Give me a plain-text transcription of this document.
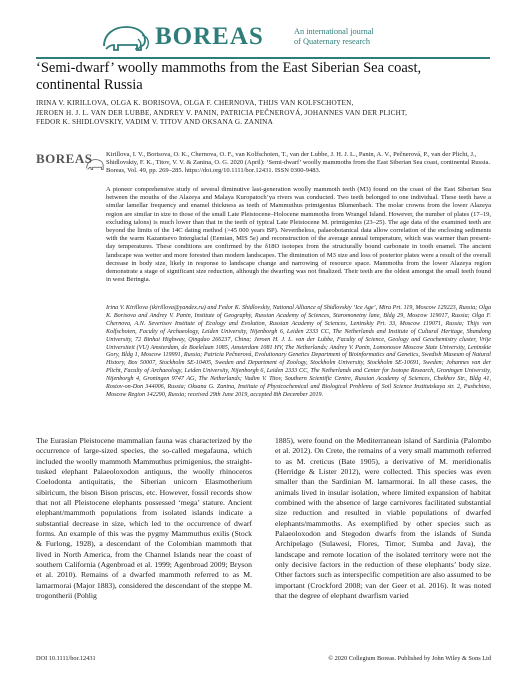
BOREAS	An international journal
of Quaternary research
‘Semi-dwarf’ woolly mammoths from the East Siberian Sea coast,
continental Russia
IRINA V. KIRILLOVA, OLGA K. BORISOVA, OLGA F. CHERNOVA, THIJS VAN KOLFSCHOTEN,
JEROEN H. J. L. VAN DER LUBBE, ANDREY V. PANIN, PATRICIA PEČNEROVÁ, JOHANNES VAN DER PLICHT,
FEDOR K. SHIDLOVSKIY, VADIM V. TITOV AND OKSANA G. ZANINA
BOREAS Kirillova, I. V., Borisova, O. K., Chernova, O. F., van Kolfschoten, T., van der Lubbe, J. H. J. L., Panin, A. V., Pečnerová, P., van der Plicht, J., Shidlovskiy, F. K., Titov, V. V. & Zanina, O. G. 2020 (April): ‘Semi-dwarf’ woolly mammoths from the East Siberian Sea coast, continental Russia. Boreas, Vol. 49, pp. 269–285. https://doi.org/10.1111/bor.12431. ISSN 0300-9483.

A pioneer comprehensive study of several diminutive last-generation woolly mammoth teeth (M3) found on the coast of the East Siberian Sea between the mouths of the Alazeya and Malaya Kuropatoch’ya rivers was conducted. Two teeth belonged to one individual. These teeth have a similar lamellar frequency and enamel thickness as teeth of Mammuthus primigenius Blumenbach. The molar crowns from the lower Alazeya region are similar in size to those of the small Late Pleistocene–Holocene mammoths from Wrangel Island. However, the number of plates (17–19, excluding talons) is much lower than that in the teeth of typical Late Pleistocene M. primigenius (23–25). The age data of the examined teeth are beyond the limits of the 14C dating method (>45 000 years BP). Nevertheless, palaeobotanical data allow correlation of the enclosing sediments with the warm Kazantsevo Interglacial (Eemian, MIS 5e) and reconstruction of the average annual temperature, which was warmer than present-day temperatures. These conditions are confirmed by the δ18O isotopes from the structurally bound carbonate in tooth enamel. The ancient landscape was wetter and more forested than modern landscapes. The diminution of M3 size and loss of posterior plates were a result of the overall decrease in body size, likely in response to landscape change and narrowing of resource space. Mammoths from the lower Alazeya region demonstrate a stage of significant size reduction, although the dwarfing was not finalized. Their teeth are the oldest amongst the small teeth found in west Beringia.

Irina V. Kirillova (ikirillova@yandex.ru) and Fedor K. Shidlovskiy, National Alliance of Shidlovskiy ‘Ice Age’, Mira Prt. 119, Moscow 129223, Russia; Olga K. Borisova and Andrey V. Panin, Institute of Geography, Russian Academy of Sciences, Staromonetny lane, Bldg 29, Moscow 119017, Russia; Olga F. Chernova, A.N. Severtsov Institute of Ecology and Evolution, Russian Academy of Sciences, Leninskiy Prt. 33, Moscow 119071, Russia; Thijs van Kolfschoten, Faculty of Archaeology, Leiden University, Nijenborgh 6, Leiden 2333 CC, The Netherlands and Institute of Cultural Heritage, Shandong University, 72 Binhai Highway, Qingdao 266237, China; Jeroen H. J. L. van der Lubbe, Faculty of Science, Geology and Geochemistry cluster, Vrije Universiteit (VU) Amsterdam, de Boelelaan 1085, Amsterdam 1081 HV, The Netherlands; Andrey V. Panin, Lomonosov Moscow State University, Leninskie Gory, Bldg 1, Moscow 119991, Russia; Patricia Pečnerová, Evolutionary Genetics Department of Bioinformatics and Genetics, Swedish Museum of Natural History, Box 50007, Stockholm SE-10405, Sweden and Department of Zoology, Stockholm University, Stockholm SE-10691, Sweden; Johannes van der Plicht, Faculty of Archaeology, Leiden University, Nijenborgh 6, Leiden 2333 CC, The Netherlands and Center for Isotope Research, Groningen University, Nijenborgh 4, Groningen 9747 AG, The Netherlands; Vadim V. Titov, Southern Scientific Centre, Russian Academy of Sciences, Chekhov Str., Bldg 41, Rostov-on-Don 344006, Russia; Oksana G. Zanina, Institute of Physicochemical and Biological Problems of Soil Science Institutskaya str. 2, Pushchino, Moscow Region 142290, Russia; received 29th June 2019, accepted 8th December 2019.

The Eurasian Pleistocene mammalian fauna was characterized by the occurrence of large-sized species, the so-called megafauna, which included the woolly mammoth Mammuthus primigenius, the straight-tusked elephant Palaeoloxodon antiquus, the woolly rhinoceros Coelodonta antiquitatis, the Siberian unicorn Elasmotherium sibiricum, the bison Bison priscus, etc. However, fossil records show that not all Pleistocene elephants possessed ‘mega’ stature. Ancient elephant/mammoth populations from isolated islands indicate a substantial decrease in size, which led to the occurrence of dwarf forms. An example of this was the pygmy Mammuthus exilis (Stock & Furlong, 1928), a descendant of the Colombian mammoth that lived in North America, from the Channel Islands near the coast of southern California (Agenbroad et al. 1999; Agenbroad 2009; Bryson et al. 2010). Remains of a dwarfed mammoth referred to as M. lamarmorai (Major 1883), considered the descendant of the steppe M. trogontherii (Pohlig

1885), were found on the Mediterranean island of Sardinia (Palombo et al. 2012). On Crete, the remains of a very small mammoth referred to as M. creticus (Bate 1905), a derivative of M. meridionalis (Herridge & Lister 2012), were collected. This species was even smaller than the Sardinian M. lamarmorai. In all these cases, the animals lived in insular isolation, where limited expansion of habitat combined with the absence of large carnivores facilitated substantial size reduction and resulted in viable populations of dwarfed elephants/mammoths. As exemplified by other species such as Palaeoloxodon and Stegodon dwarfs from the islands of Sunda Archipelago (Sulawesi, Flores, Timor, Sumba and Java), the landscape and remote location of the isolated territory were not the only decisive factors in the reduction of these elephants’ body size. Other factors such as interspecific competition are also assumed to be important (Crockford 2008; van der Geer et al. 2016). It was noted that the degree of elephant dwarfism varied

DOI 10.1111/bor.12431	© 2020 Collegium Boreas. Published by John Wiley & Sons Ltd
